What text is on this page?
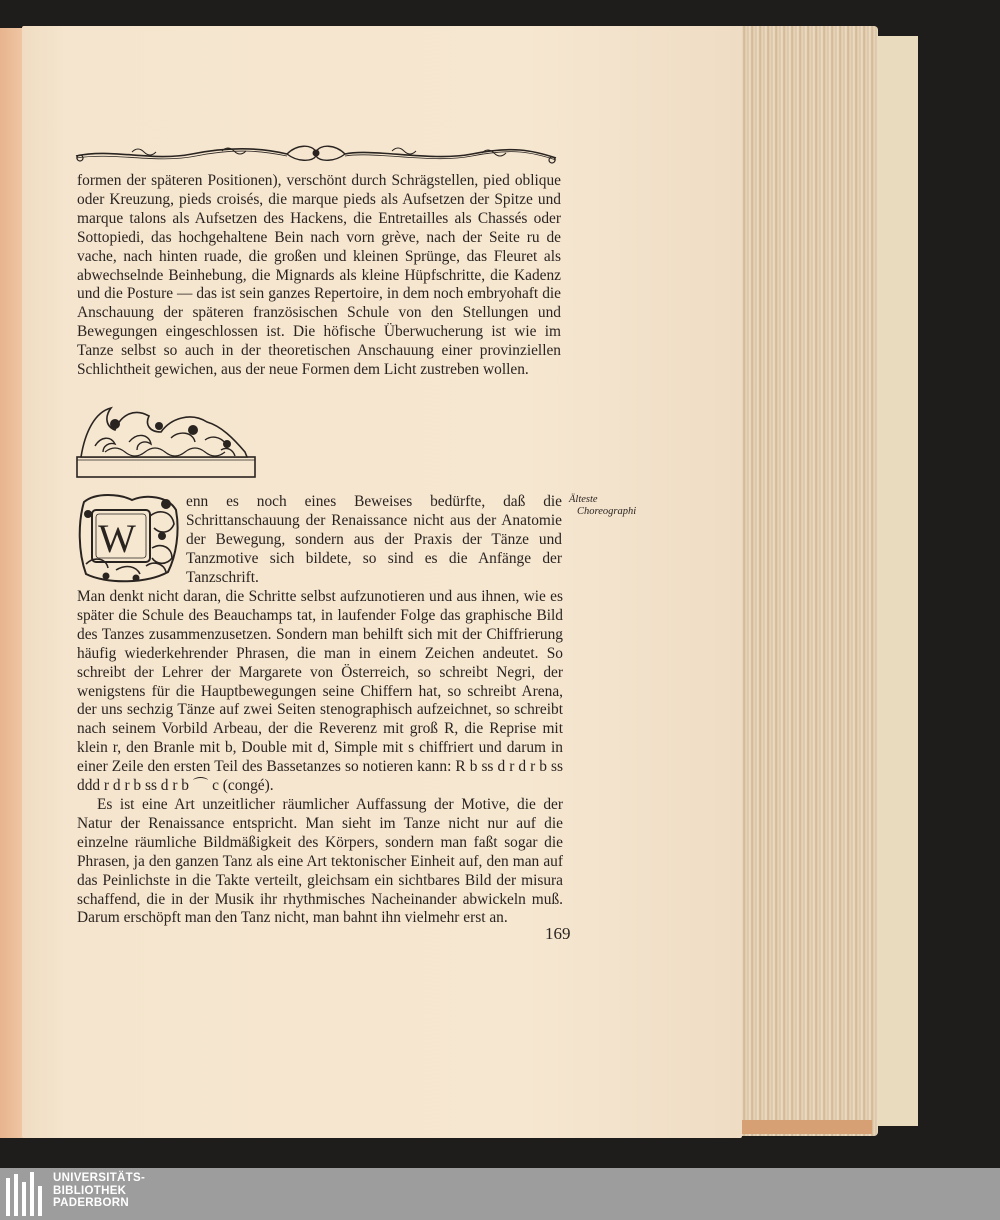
formen der späteren Positionen), verschönt durch Schrägstellen, pied oblique oder Kreuzung, pieds croisés, die marque pieds als Aufsetzen der Spitze und marque talons als Aufsetzen des Hackens, die Entretailles als Chassés oder Sottopiedi, das hochgehaltene Bein nach vorn grève, nach der Seite ru de vache, nach hinten ruade, die großen und kleinen Sprünge, das Fleuret als abwechselnde Beinhebung, die Mignards als kleine Hüpfschritte, die Kadenz und die Posture — das ist sein ganzes Repertoire, in dem noch embryohaft die Anschauung der späteren französischen Schule von den Stellungen und Bewegungen eingeschlossen ist. Die höfische Überwucherung ist wie im Tanze selbst so auch in der theoretischen Anschauung einer provinziellen Schlichtheit gewichen, aus der neue Formen dem Licht zustreben wollen.

W
enn es noch eines Beweises bedürfte, daß die Schrittanschauung der Renaissance nicht aus der Anatomie der Bewegung, sondern aus der Praxis der Tänze und Tanzmotive sich bildete, so sind es die Anfänge der Tanzschrift.
Älteste
Choreographi

Man denkt nicht daran, die Schritte selbst aufzunotieren und aus ihnen, wie es später die Schule des Beauchamps tat, in laufender Folge das graphische Bild des Tanzes zusammenzusetzen. Sondern man behilft sich mit der Chiffrierung häufig wiederkehrender Phrasen, die man in einem Zeichen andeutet. So schreibt der Lehrer der Margarete von Österreich, so schreibt Negri, der wenigstens für die Hauptbewegungen seine Chiffern hat, so schreibt Arena, der uns sechzig Tänze auf zwei Seiten stenographisch aufzeichnet, so schreibt nach seinem Vorbild Arbeau, der die Reverenz mit groß R, die Reprise mit klein r, den Branle mit b, Double mit d, Simple mit s chiffriert und darum in einer Zeile den ersten Teil des Bassetanzes so notieren kann: R b ss d r d r b ss ddd r d r b ss d r b ⌒ c (congé).

Es ist eine Art unzeitlicher räumlicher Auffassung der Motive, die der Natur der Renaissance entspricht. Man sieht im Tanze nicht nur auf die einzelne räumliche Bildmäßigkeit des Körpers, sondern man faßt sogar die Phrasen, ja den ganzen Tanz als eine Art tektonischer Einheit auf, den man auf das Peinlichste in die Takte verteilt, gleichsam ein sichtbares Bild der misura schaffend, die in der Musik ihr rhythmisches Nacheinander abwickeln muß. Darum erschöpft man den Tanz nicht, man bahnt ihn vielmehr erst an.

169
UNIVERSITÄTS-
BIBLIOTHEK
PADERBORN
